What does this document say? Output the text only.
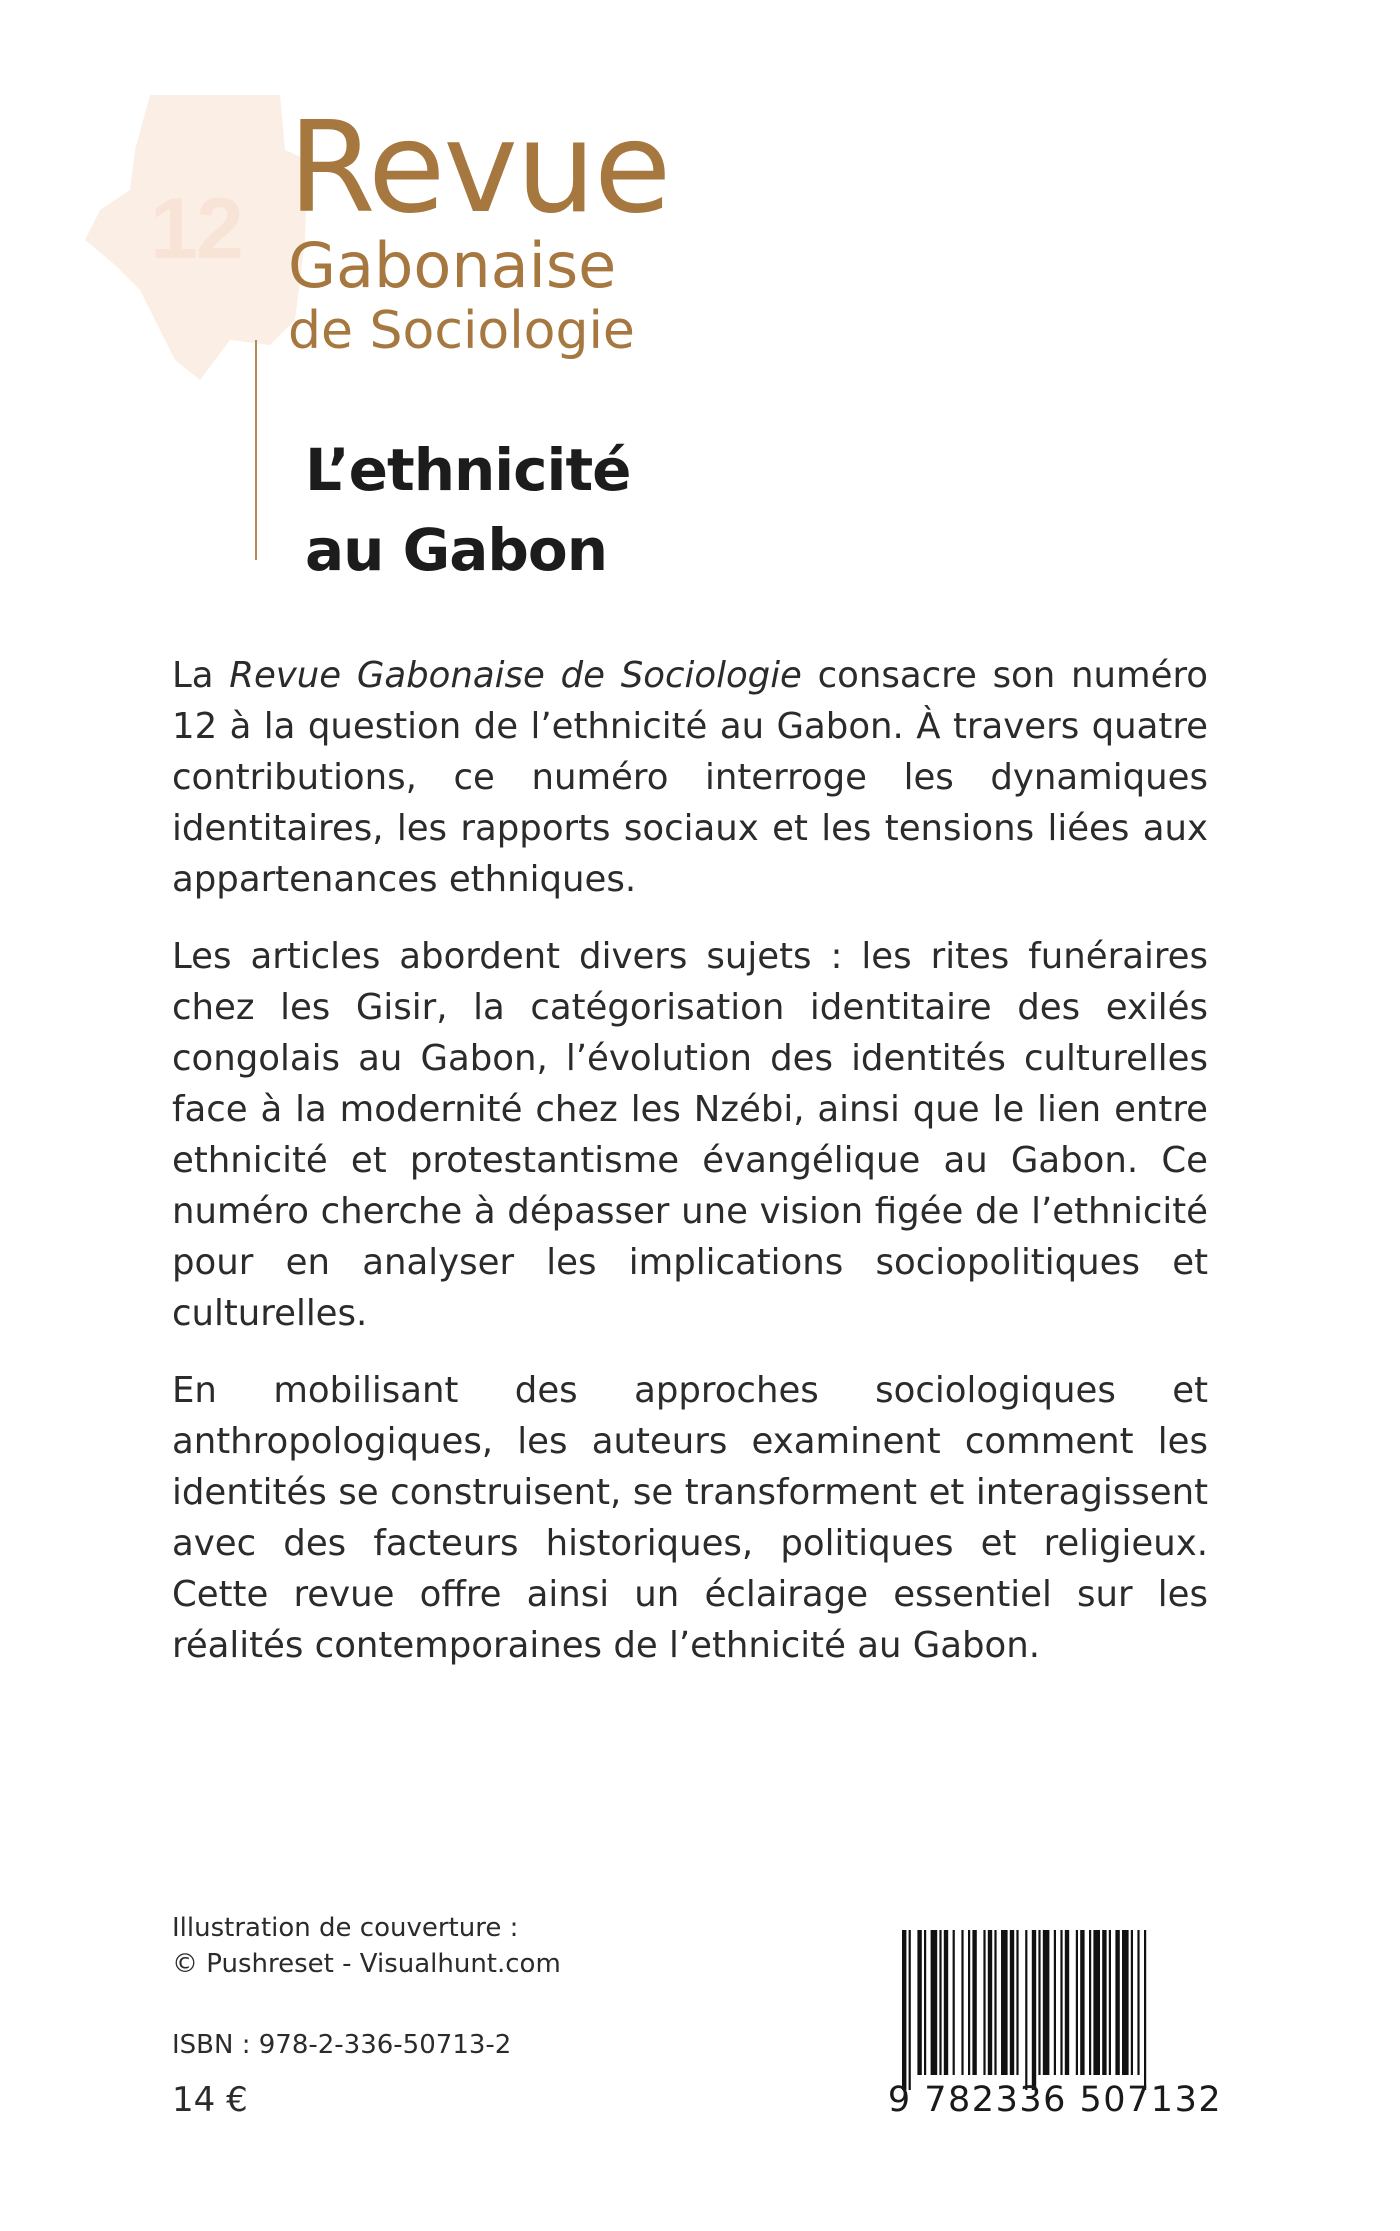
12 Revue
Gabonaise
de Sociologie
L’ethnicité
au Gabon

La Revue Gabonaise de Sociologie consacre son numéro 12 à la question de l’ethnicité au Gabon. À travers quatre contributions, ce numéro interroge les dynamiques identitaires, les rapports sociaux et les tensions liées aux appartenances ethniques.

Les articles abordent divers sujets : les rites funéraires chez les Gisir, la catégorisation identitaire des exilés congolais au Gabon, l’évolution des identités culturelles face à la modernité chez les Nzébi, ainsi que le lien entre ethnicité et protestantisme évangélique au Gabon. Ce numéro cherche à dépasser une vision figée de l’ethnicité pour en analyser les implications sociopolitiques et culturelles.

En mobilisant des approches sociologiques et anthropologiques, les auteurs examinent comment les identités se construisent, se transforment et interagissent avec des facteurs historiques, politiques et religieux. Cette revue offre ainsi un éclairage essentiel sur les réalités contemporaines de l’ethnicité au Gabon.

Illustration de couverture :
© Pushreset - Visualhunt.com
ISBN : 978-2-336-50713-2
14 €	9 782336 507132
